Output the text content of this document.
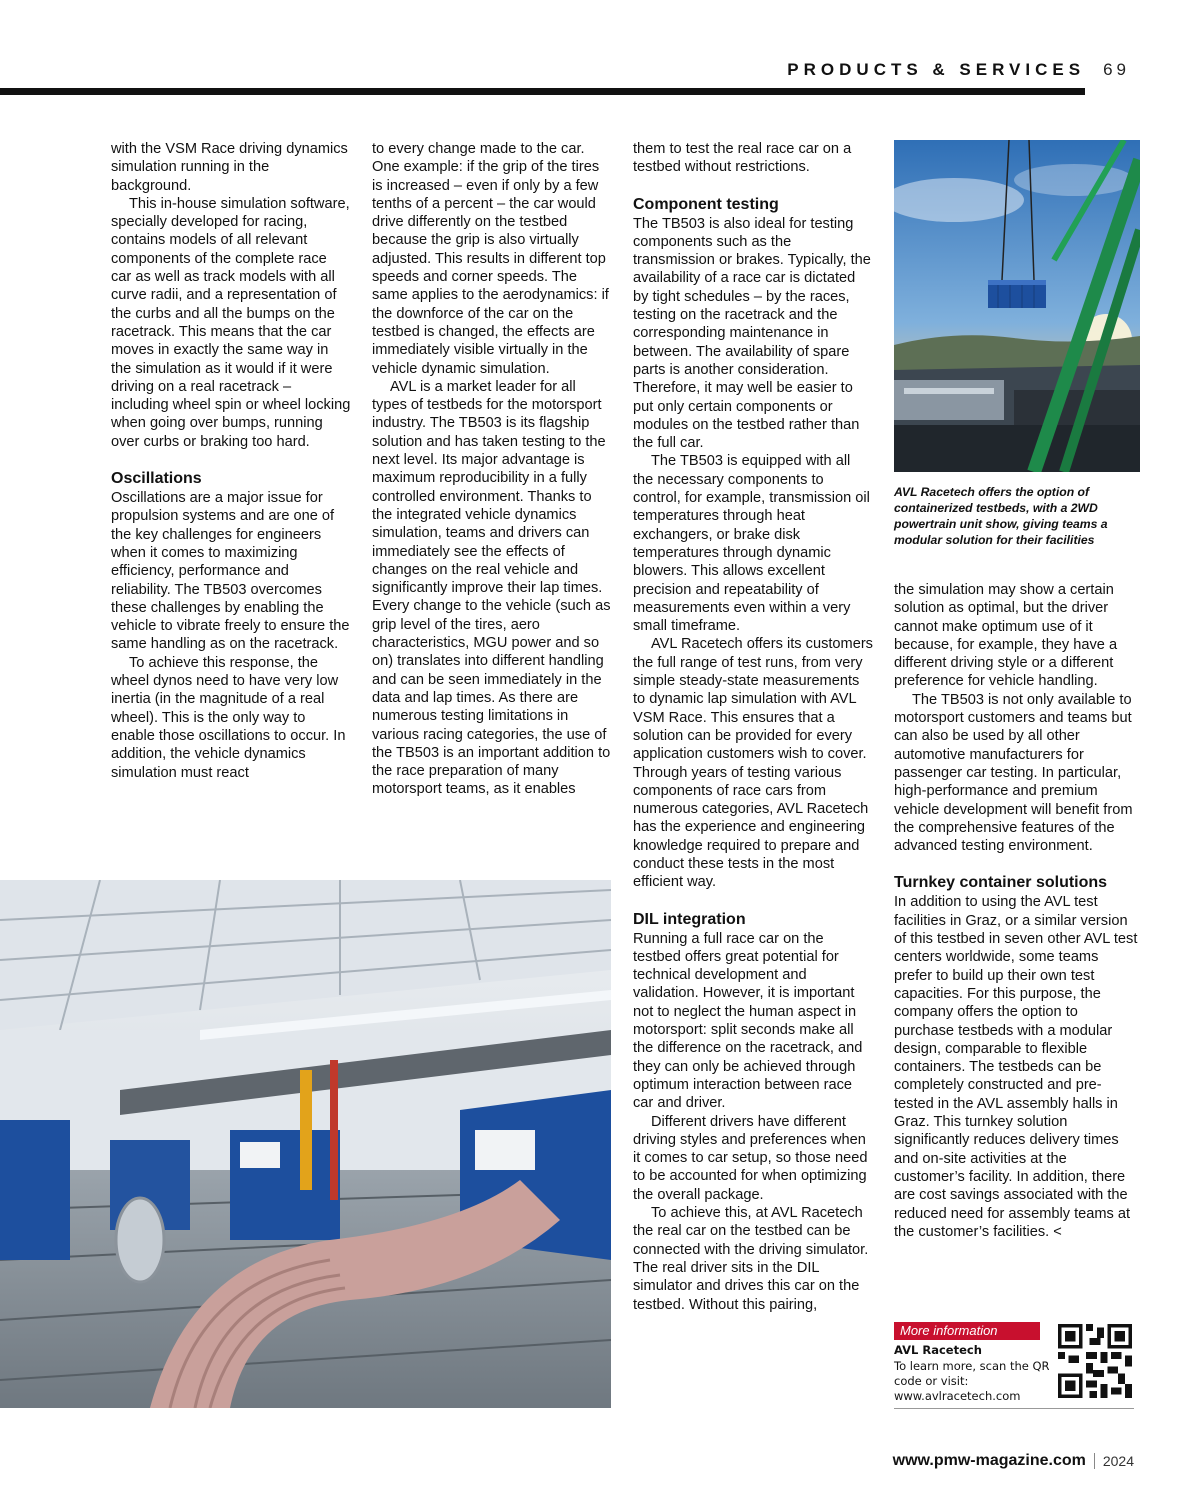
PRODUCTS & SERVICES 69

with the VSM Race driving dynamics simulation running in the background.

This in-house simulation software, specially developed for racing, contains models of all relevant components of the complete race car as well as track models with all curve radii, and a representation of the curbs and all the bumps on the racetrack. This means that the car moves in exactly the same way in the simulation as it would if it were driving on a real racetrack – including wheel spin or wheel locking when going over bumps, running over curbs or braking too hard.

Oscillations

Oscillations are a major issue for propulsion systems and are one of the key challenges for engineers when it comes to maximizing efficiency, performance and reliability. The TB503 overcomes these challenges by enabling the vehicle to vibrate freely to ensure the same handling as on the racetrack.

To achieve this response, the wheel dynos need to have very low inertia (in the magnitude of a real wheel). This is the only way to enable those oscillations to occur. In addition, the vehicle dynamics simulation must react

to every change made to the car. One example: if the grip of the tires is increased – even if only by a few tenths of a percent – the car would drive differently on the testbed because the grip is also virtually adjusted. This results in different top speeds and corner speeds. The same applies to the aerodynamics: if the downforce of the car on the testbed is changed, the effects are immediately visible virtually in the vehicle dynamic simulation.

AVL is a market leader for all types of testbeds for the motorsport industry. The TB503 is its flagship solution and has taken testing to the next level. Its major advantage is maximum reproducibility in a fully controlled environment. Thanks to the integrated vehicle dynamics simulation, teams and drivers can immediately see the effects of changes on the real vehicle and significantly improve their lap times. Every change to the vehicle (such as grip level of the tires, aero characteristics, MGU power and so on) translates into different handling and can be seen immediately in the data and lap times. As there are numerous testing limitations in various racing categories, the use of the TB503 is an important addition to the race preparation of many motorsport teams, as it enables

them to test the real race car on a testbed without restrictions.

Component testing

The TB503 is also ideal for testing components such as the transmission or brakes. Typically, the availability of a race car is dictated by tight schedules – by the races, testing on the racetrack and the corresponding maintenance in between. The availability of spare parts is another consideration. Therefore, it may well be easier to put only certain components or modules on the testbed rather than the full car.

The TB503 is equipped with all the necessary components to control, for example, transmission oil temperatures through heat exchangers, or brake disk temperatures through dynamic blowers. This allows excellent precision and repeatability of measurements even within a very small timeframe.

AVL Racetech offers its customers the full range of test runs, from very simple steady-state measurements to dynamic lap simulation with AVL VSM Race. This ensures that a solution can be provided for every application customers wish to cover. Through years of testing various components of race cars from numerous categories, AVL Racetech has the experience and engineering knowledge required to prepare and conduct these tests in the most efficient way.

DIL integration

Running a full race car on the testbed offers great potential for technical development and validation. However, it is important not to neglect the human aspect in motorsport: split seconds make all the difference on the racetrack, and they can only be achieved through optimum interaction between race car and driver.

Different drivers have different driving styles and preferences when it comes to car setup, so those need to be accounted for when optimizing the overall package.

To achieve this, at AVL Racetech the real car on the testbed can be connected with the driving simulator. The real driver sits in the DIL simulator and drives this car on the testbed. Without this pairing,

AVL Racetech offers the option of containerized testbeds, with a 2WD powertrain unit show, giving teams a modular solution for their facilities

the simulation may show a certain solution as optimal, but the driver cannot make optimum use of it because, for example, they have a different driving style or a different preference for vehicle handling.

The TB503 is not only available to motorsport customers and teams but can also be used by all other automotive manufacturers for passenger car testing. In particular, high-performance and premium vehicle development will benefit from the comprehensive features of the advanced testing environment.

Turnkey container solutions

In addition to using the AVL test facilities in Graz, or a similar version of this testbed in seven other AVL test centers worldwide, some teams prefer to build up their own test capacities. For this purpose, the company offers the option to purchase testbeds with a modular design, comparable to flexible containers. The testbeds can be completely constructed and pre-tested in the AVL assembly halls in Graz. This turnkey solution significantly reduces delivery times and on-site activities at the customer’s facility. In addition, there are cost savings associated with the reduced need for assembly teams at the customer’s facilities. <

More information
AVL Racetech
To learn more, scan the QR code or visit: www.avlracetech.com
www.pmw-magazine.com 2024
